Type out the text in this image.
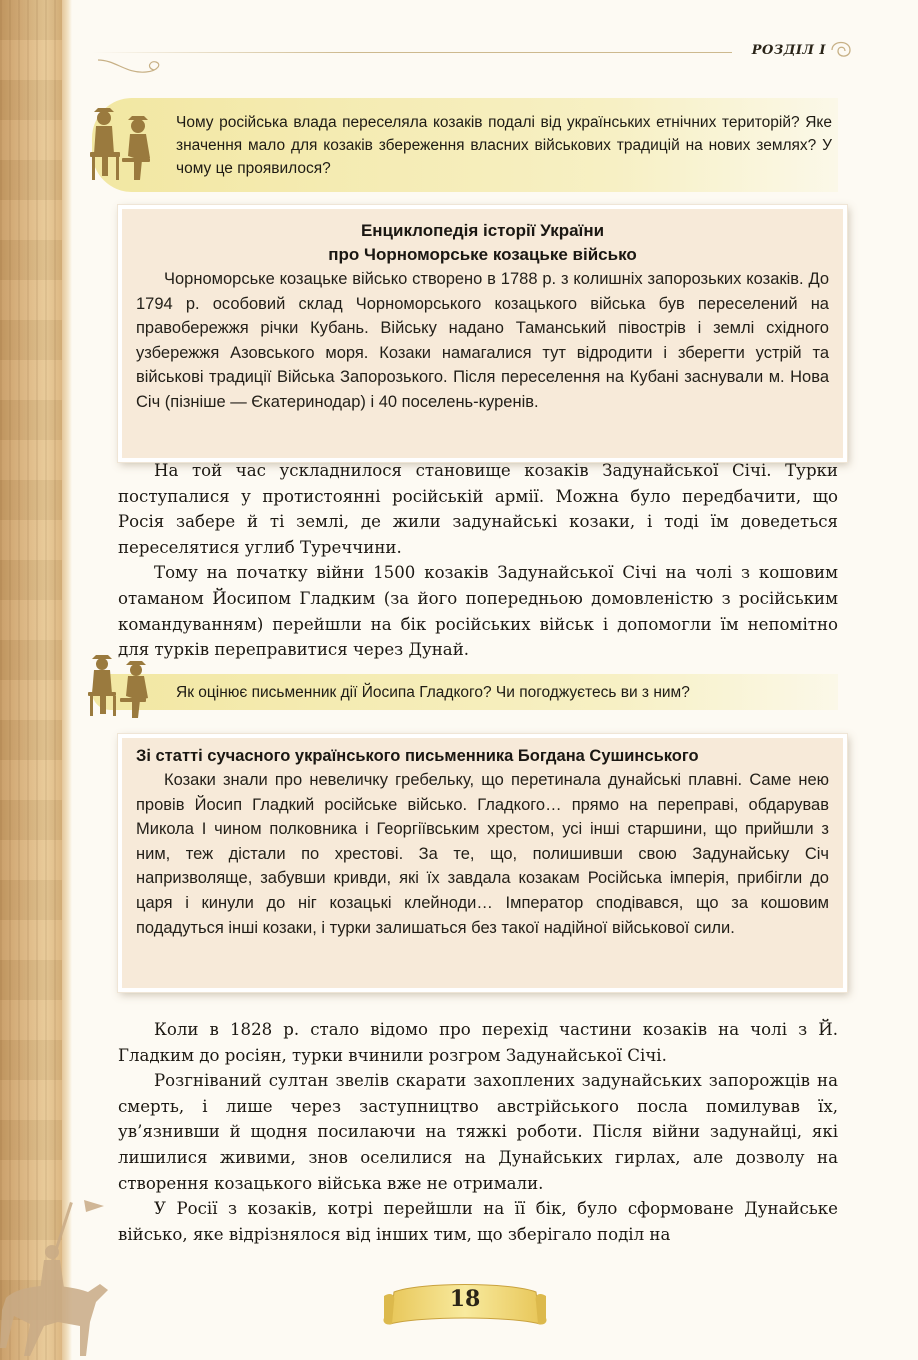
РОЗДІЛ I
Чому російська влада переселяла козаків подалі від українських етнічних територій? Яке значення мало для козаків збереження власних військових традицій на нових землях? У чому це проявилося?
Енциклопедія історії України
про Чорноморське козацьке військо
Чорноморське козацьке військо створено в 1788 р. з колишніх запорозьких козаків. До 1794 р. особовий склад Чорноморського козацького війська був переселений на правобережжя річки Кубань. Війську надано Таманський півострів і землі східного узбережжя Азовського моря. Козаки намагалися тут відродити і зберегти устрій та військові традиції Війська Запорозького. Після переселення на Кубані заснували м. Нова Січ (пізніше — Єкатеринодар) і 40 поселень-куренів.

На той час ускладнилося становище козаків Задунайської Січі. Турки поступалися у протистоянні російській армії. Можна було передбачити, що Росія забере й ті землі, де жили задунайські козаки, і тоді їм доведеться переселятися углиб Туреччини.

Тому на початку війни 1500 козаків Задунайської Січі на чолі з кошовим отаманом Йосипом Гладким (за його попередньою домовленістю з російським командуванням) перейшли на бік російських військ і допомогли їм непомітно для турків переправитися через Дунай.

Як оцінює письменник дії Йосипа Гладкого? Чи погоджуєтесь ви з ним?
Зі статті сучасного українського письменника Богдана Сушинського
Козаки знали про невеличку гребельку, що перетинала дунайські плавні. Саме нею провів Йосип Гладкий російське військо. Гладкого… прямо на переправі, обдарував Микола I чином полковника і Георгіївським хрестом, усі інші старшини, що прийшли з ним, теж дістали по хрестові. За те, що, полишивши свою Задунайську Січ напризволяще, забувши кривди, які їх завдала козакам Російська імперія, прибігли до царя і кинули до ніг козацькі клейноди… Імператор сподівався, що за кошовим подадуться інші козаки, і турки залишаться без такої надійної військової сили.

Коли в 1828 р. стало відомо про перехід частини козаків на чолі з Й. Гладким до росіян, турки вчинили розгром Задунайської Січі.

Розгніваний султан звелів скарати захоплених задунайських запорожців на смерть, і лише через заступництво австрійського посла помилував їх, ув’язнивши й щодня посилаючи на тяжкі роботи. Після війни задунайці, які лишилися живими, знов оселилися на Дунайських гирлах, але дозволу на створення козацького війська вже не отримали.

У Росії з козаків, котрі перейшли на її бік, було сформоване Дунайське військо, яке відрізнялося від інших тим, що зберігало поділ на

18
